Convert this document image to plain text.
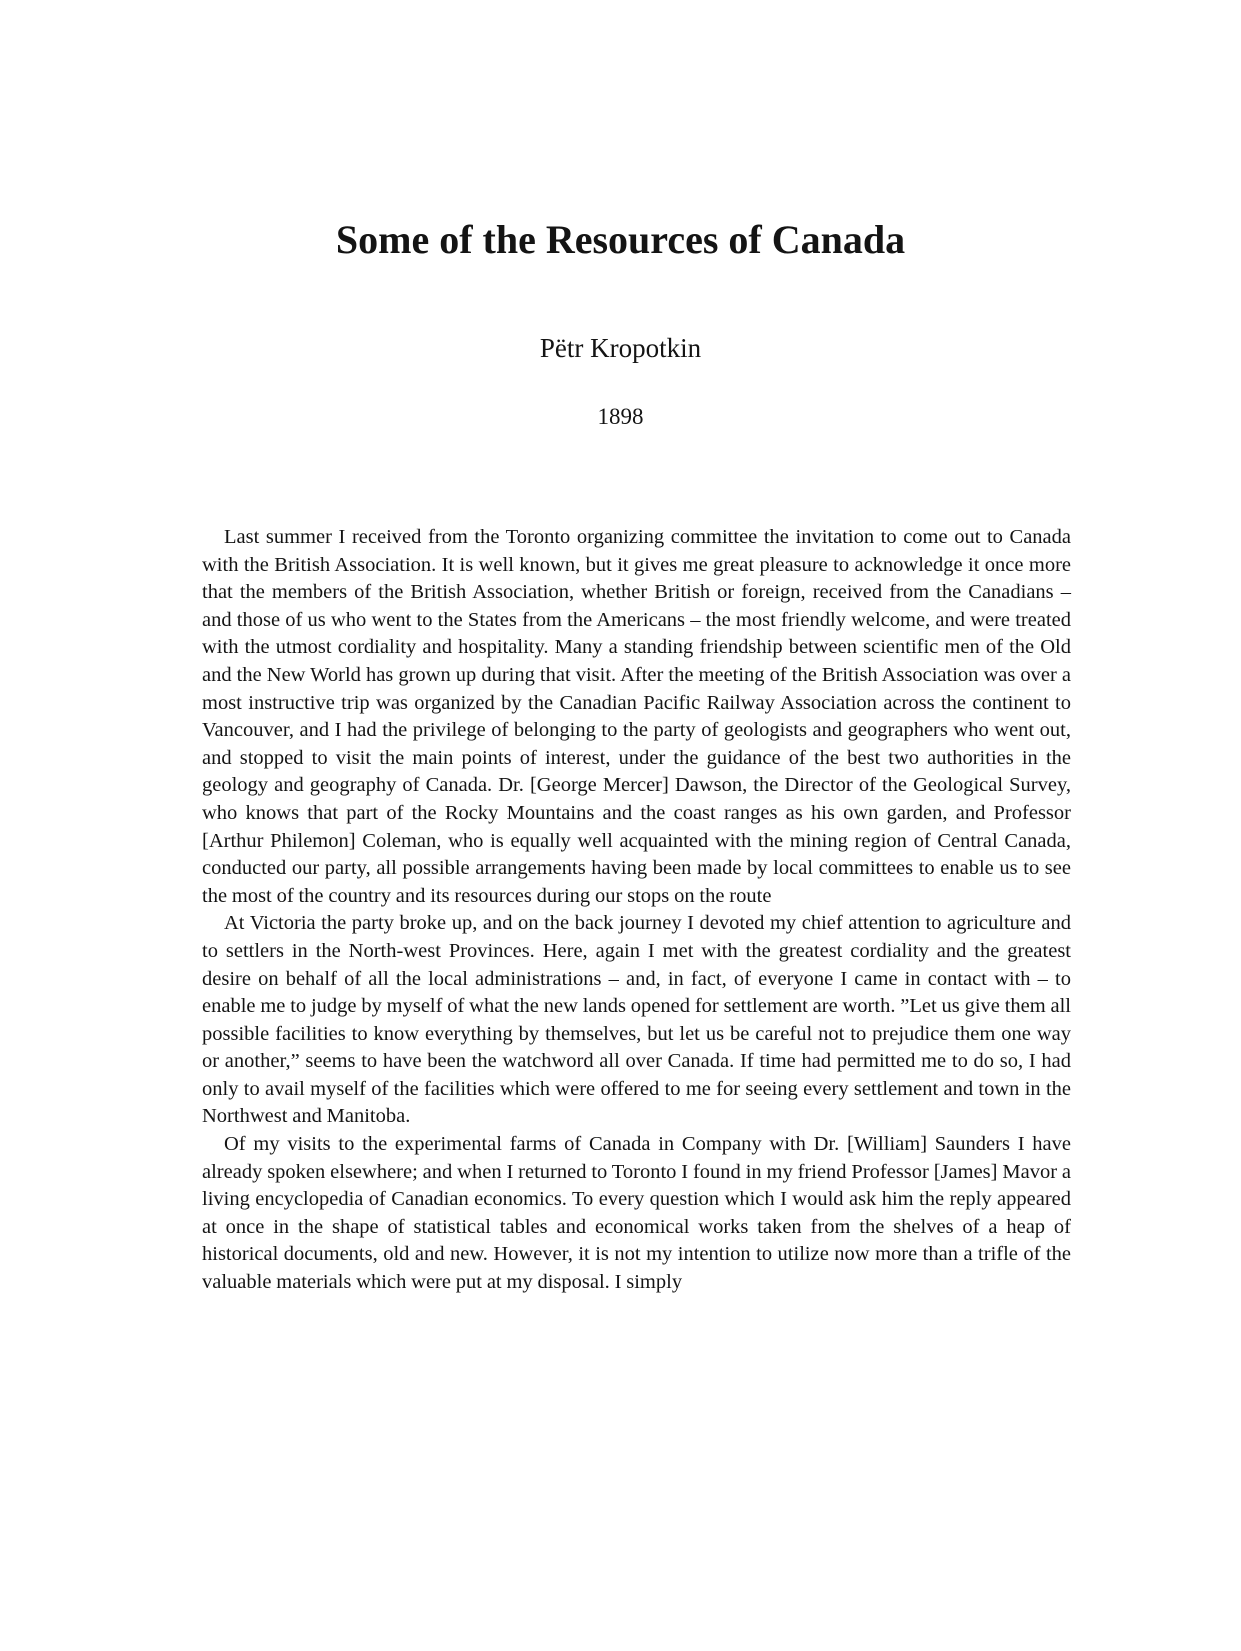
Some of the Resources of Canada
Pëtr Kropotkin
1898

Last summer I received from the Toronto organizing committee the invitation to come out to Canada with the British Association. It is well known, but it gives me great pleasure to acknowledge it once more that the members of the British Association, whether British or foreign, received from the Canadians – and those of us who went to the States from the Americans – the most friendly welcome, and were treated with the utmost cordiality and hospitality. Many a standing friendship between scientific men of the Old and the New World has grown up during that visit. After the meeting of the British Association was over a most instructive trip was organized by the Canadian Pacific Railway Association across the continent to Vancouver, and I had the privilege of belonging to the party of geologists and geographers who went out, and stopped to visit the main points of interest, under the guidance of the best two authorities in the geology and geography of Canada. Dr. [George Mercer] Dawson, the Director of the Geological Survey, who knows that part of the Rocky Mountains and the coast ranges as his own garden, and Professor [Arthur Philemon] Coleman, who is equally well acquainted with the mining region of Central Canada, conducted our party, all possible arrangements having been made by local committees to enable us to see the most of the country and its resources during our stops on the route

At Victoria the party broke up, and on the back journey I devoted my chief attention to agriculture and to settlers in the North-west Provinces. Here, again I met with the greatest cordiality and the greatest desire on behalf of all the local administrations – and, in fact, of everyone I came in contact with – to enable me to judge by myself of what the new lands opened for settlement are worth. ”Let us give them all possible facilities to know everything by themselves, but let us be careful not to prejudice them one way or another,” seems to have been the watchword all over Canada. If time had permitted me to do so, I had only to avail myself of the facilities which were offered to me for seeing every settlement and town in the Northwest and Manitoba.

Of my visits to the experimental farms of Canada in Company with Dr. [William] Saunders I have already spoken elsewhere; and when I returned to Toronto I found in my friend Professor [James] Mavor a living encyclopedia of Canadian economics. To every question which I would ask him the reply appeared at once in the shape of statistical tables and economical works taken from the shelves of a heap of historical documents, old and new. However, it is not my intention to utilize now more than a trifle of the valuable materials which were put at my disposal. I simply
